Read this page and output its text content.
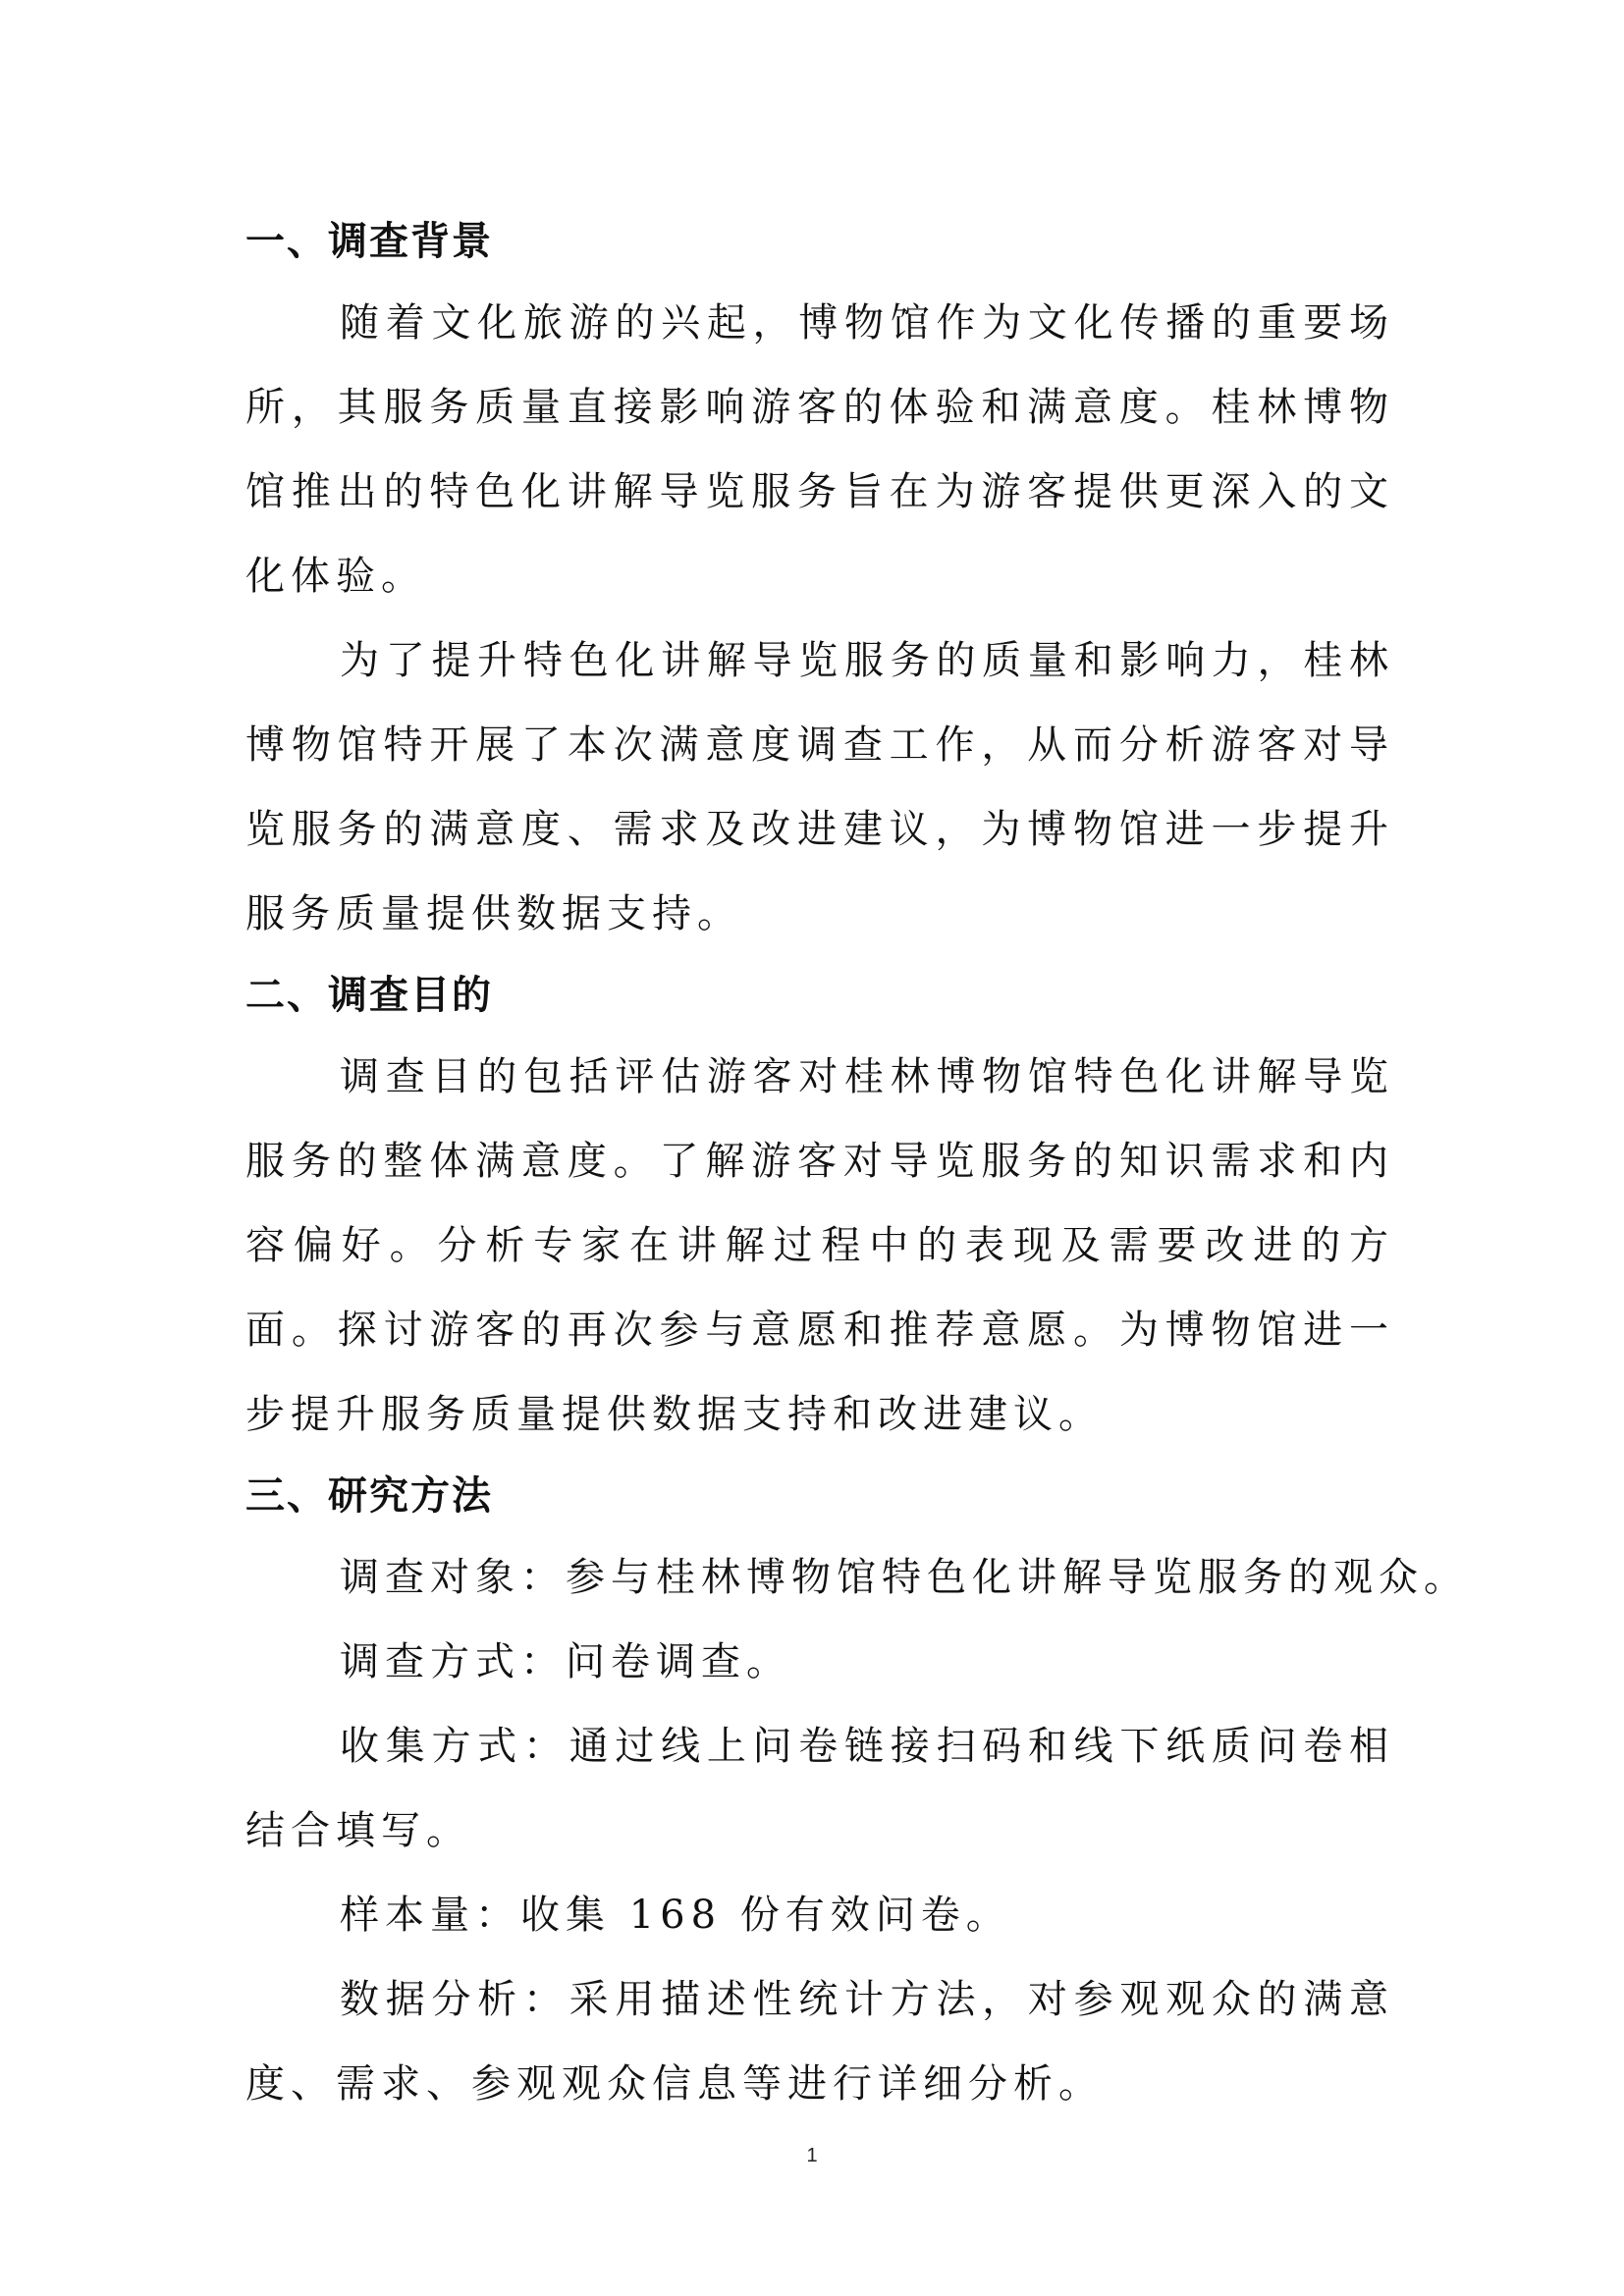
一、调查背景

随着文化旅游的兴起，博物馆作为文化传播的重要场所，其服务质量直接影响游客的体验和满意度。桂林博物馆推出的特色化讲解导览服务旨在为游客提供更深入的文化体验。

为了提升特色化讲解导览服务的质量和影响力，桂林博物馆特开展了本次满意度调查工作，从而分析游客对导览服务的满意度、需求及改进建议，为博物馆进一步提升服务质量提供数据支持。

二、调查目的

调查目的包括评估游客对桂林博物馆特色化讲解导览服务的整体满意度。了解游客对导览服务的知识需求和内容偏好。分析专家在讲解过程中的表现及需要改进的方面。探讨游客的再次参与意愿和推荐意愿。为博物馆进一步提升服务质量提供数据支持和改进建议。

三、研究方法

调查对象：参与桂林博物馆特色化讲解导览服务的观众。

调查方式：问卷调查。

收集方式：通过线上问卷链接扫码和线下纸质问卷相结合填写。

样本量：收集 168 份有效问卷。

数据分析：采用描述性统计方法，对参观观众的满意度、需求、参观观众信息等进行详细分析。

1
